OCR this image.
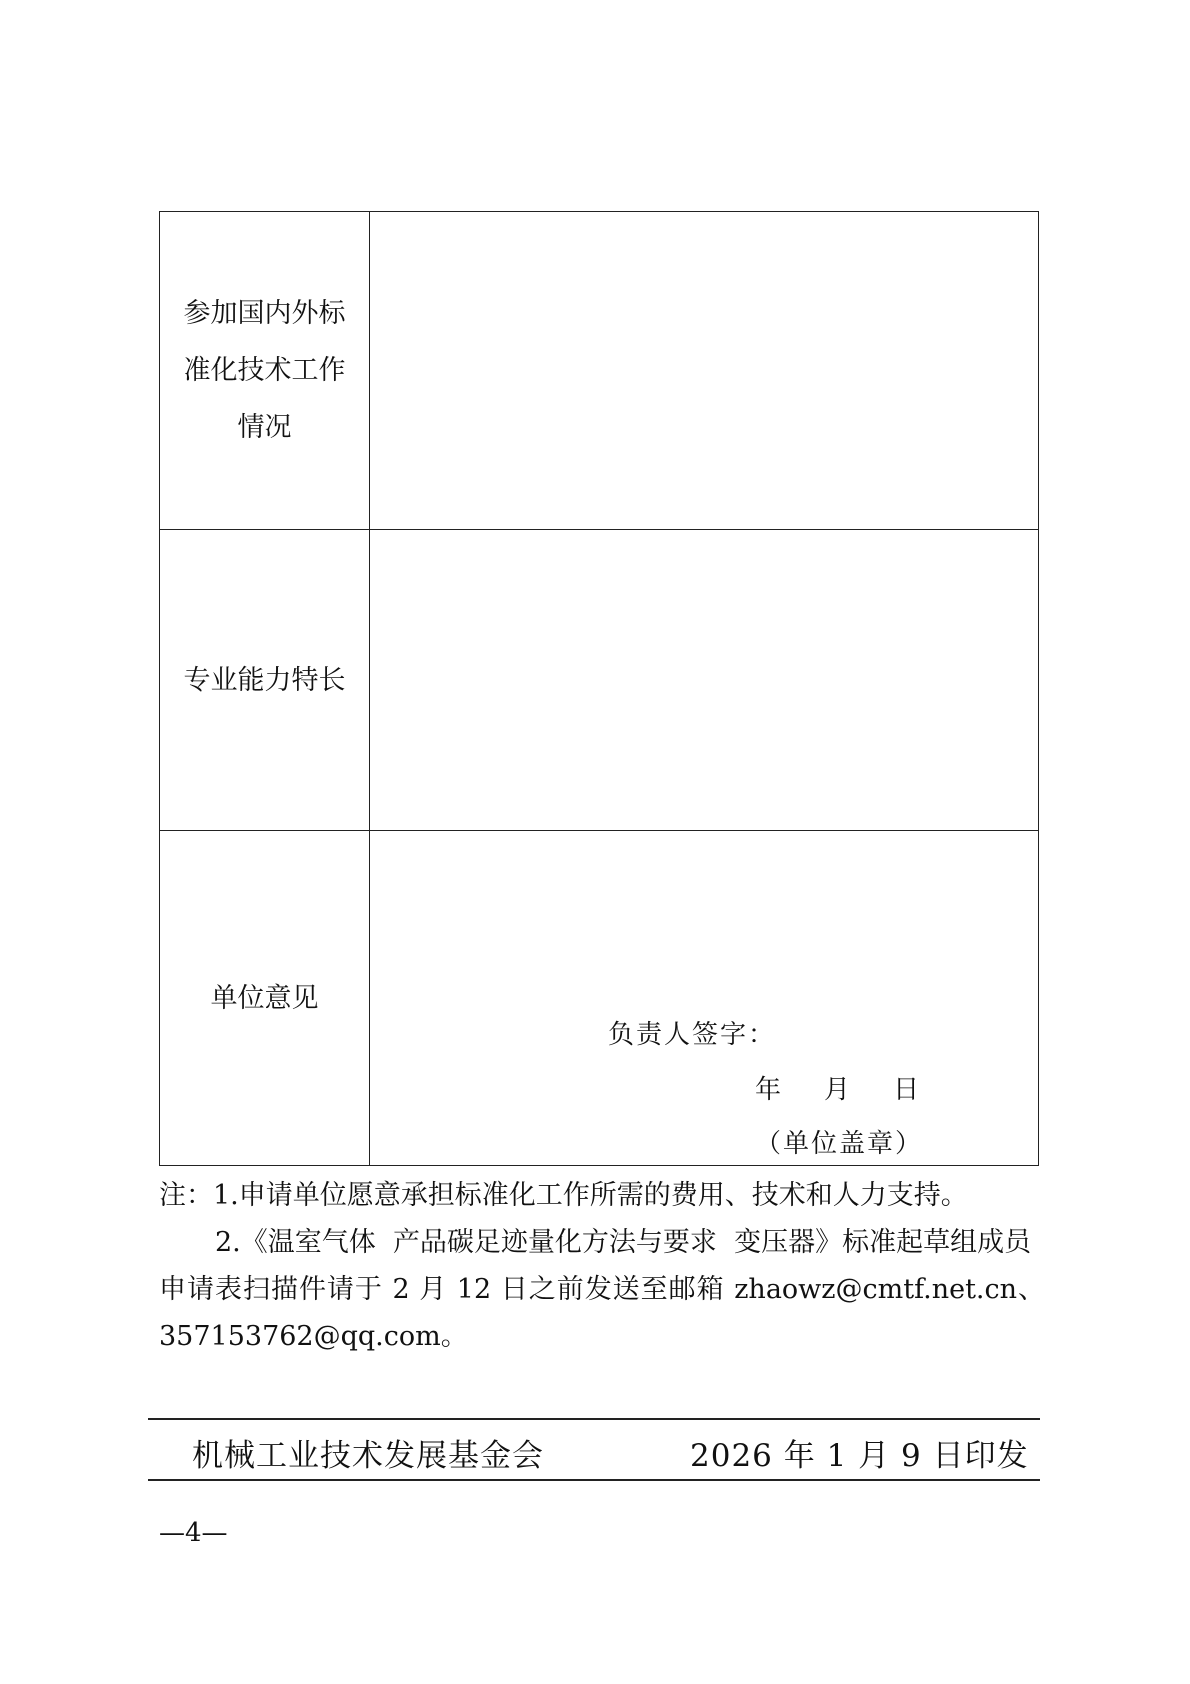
参加国内外标
准化技术工作
情况
专业能力特长
单位意见
负责人签字：
年    月    日
（单位盖章）
注：1.申请单位愿意承担标准化工作所需的费用、技术和人力支持。
2.《温室气体  产品碳足迹量化方法与要求  变压器》标准起草组成员
申请表扫描件请于 2 月 12 日之前发送至邮箱 zhaowz@cmtf.net.cn、
357153762@qq.com。
机械工业技术发展基金会	2026 年 1 月 9 日印发
—4—
